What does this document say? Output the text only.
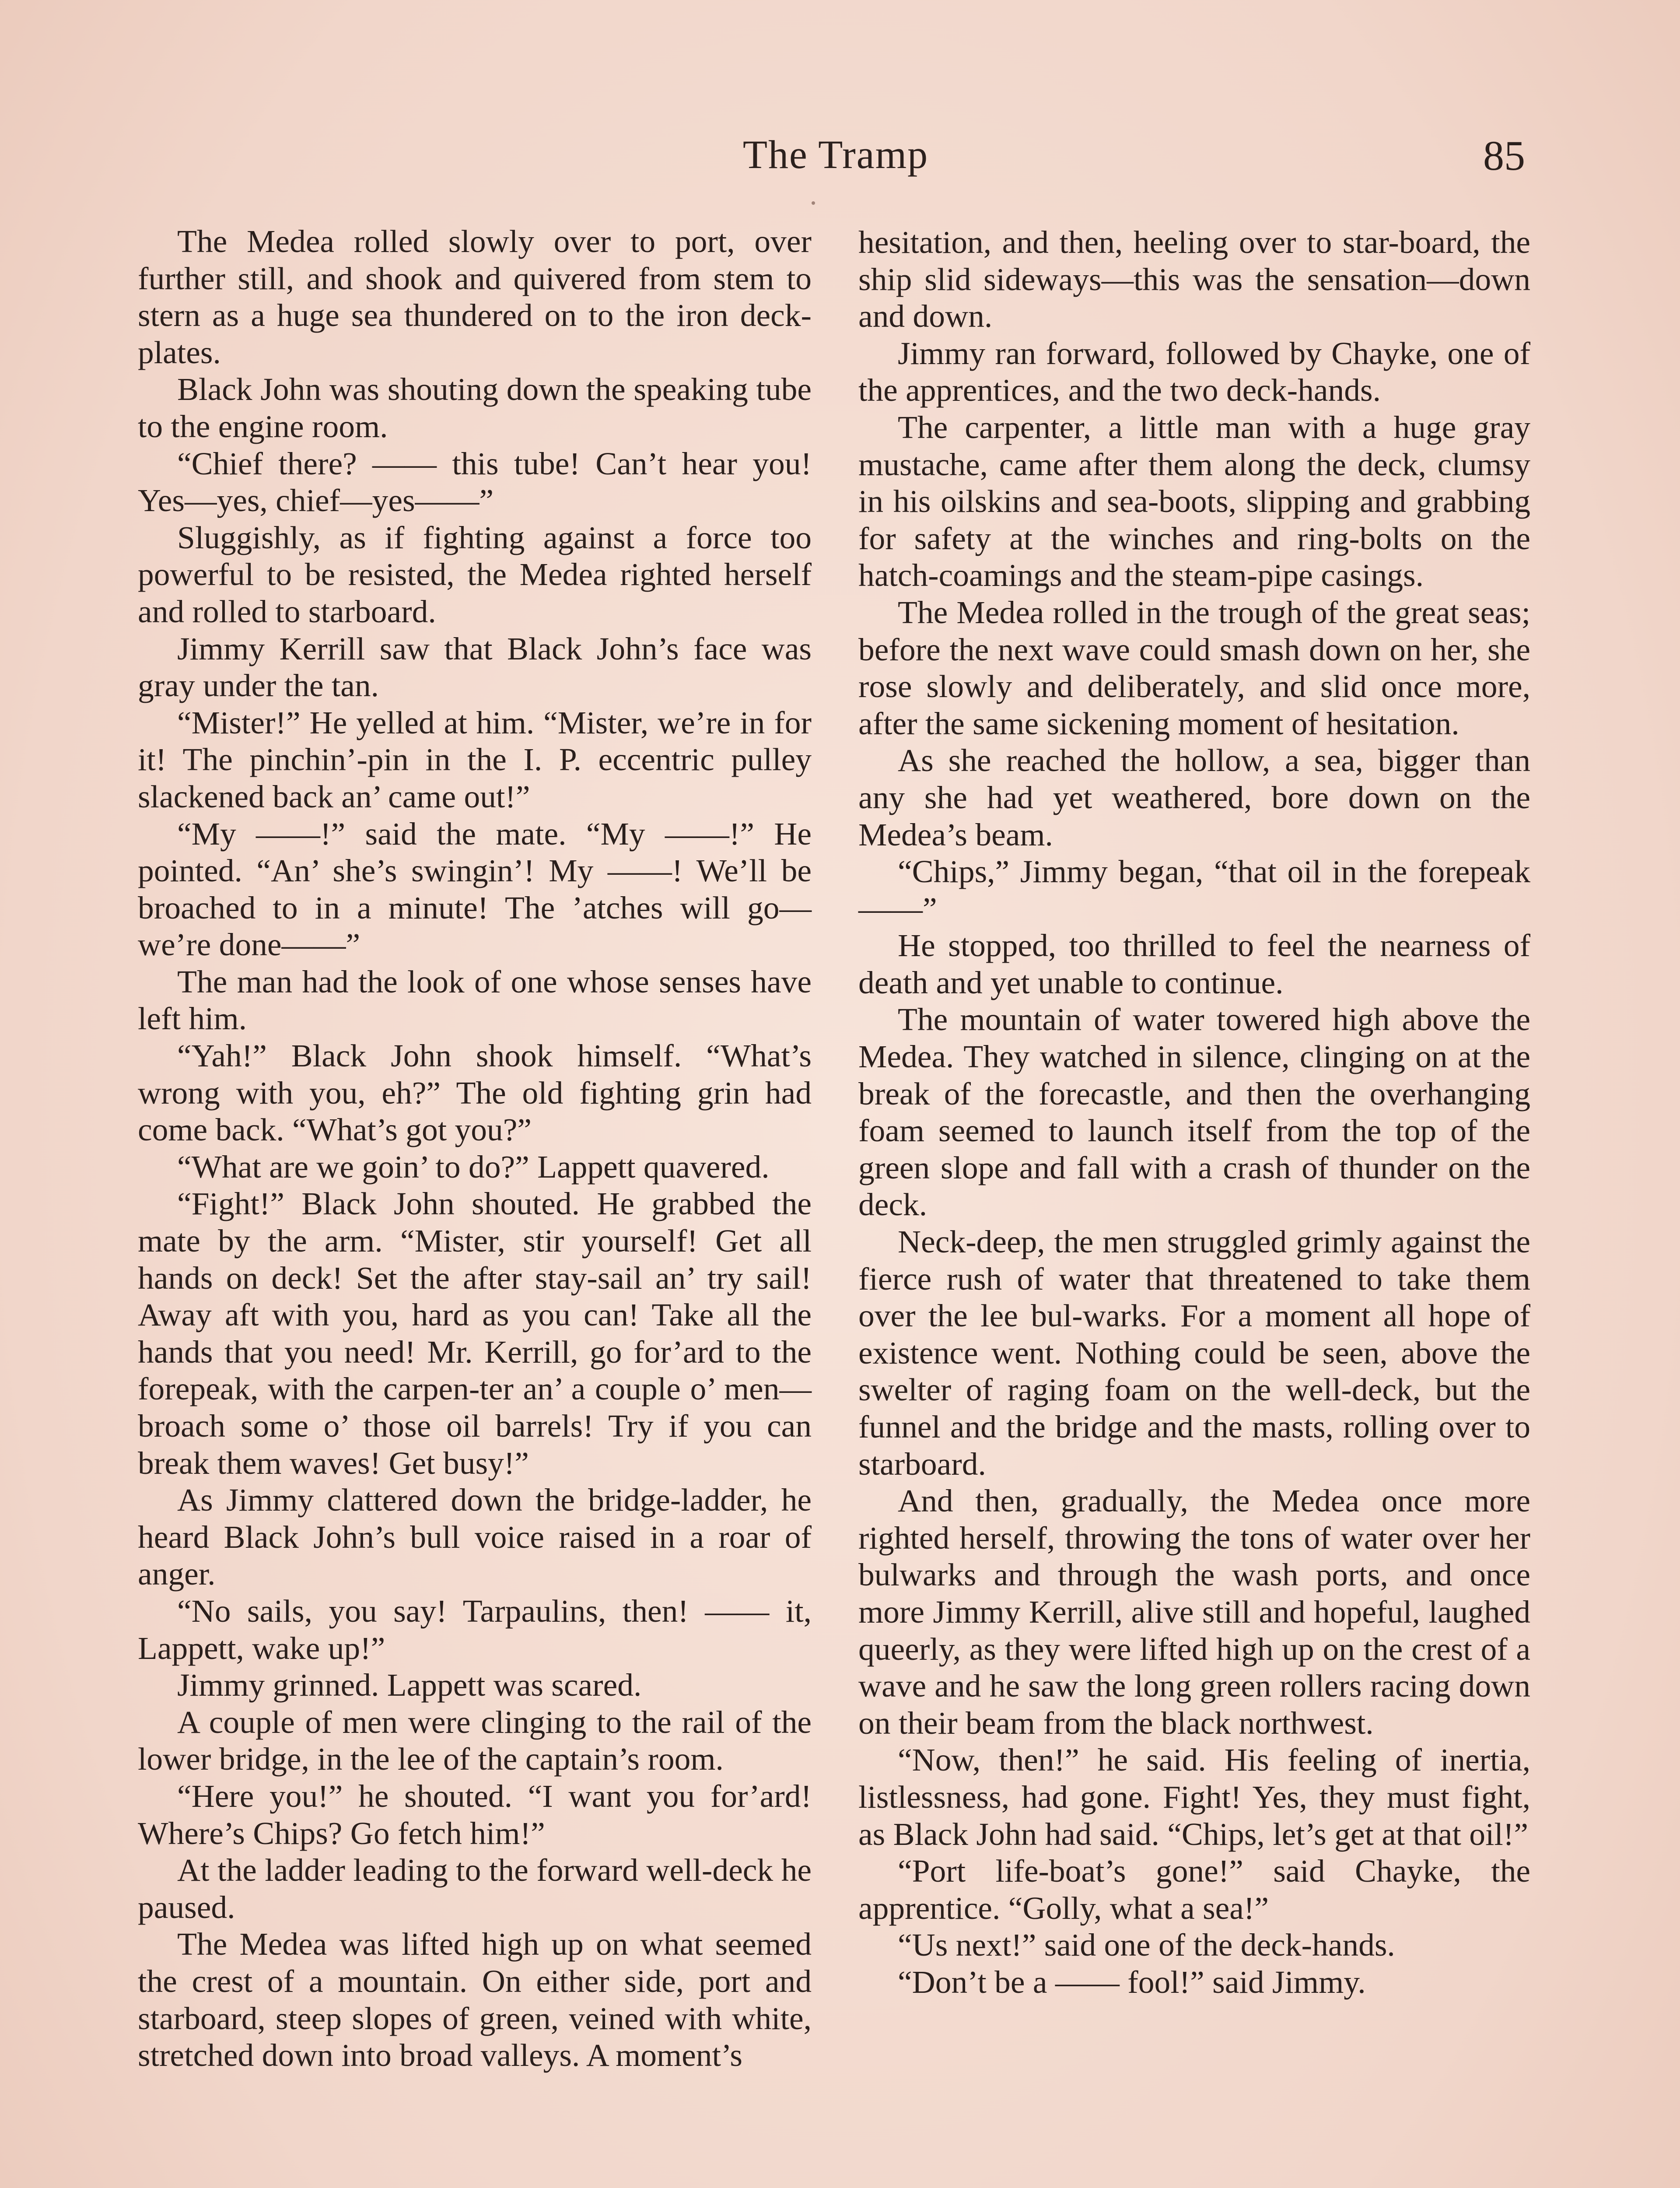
The Tramp	85

The Medea rolled slowly over to port, over further still, and shook and quivered from stem to stern as a huge sea thundered on to the iron deck-plates.

Black John was shouting down the speaking tube to the engine room.

“Chief there? —— this tube! Can’t hear you! Yes—yes, chief—yes——”

Sluggishly, as if fighting against a force too powerful to be resisted, the Medea righted herself and rolled to starboard.

Jimmy Kerrill saw that Black John’s face was gray under the tan.

“Mister!” He yelled at him. “Mister, we’re in for it! The pinchin’-pin in the I. P. eccentric pulley slackened back an’ came out!”

“My ——!” said the mate. “My ——!” He pointed. “An’ she’s swingin’! My ——! We’ll be broached to in a minute! The ’atches will go—we’re done——”

The man had the look of one whose senses have left him.

“Yah!” Black John shook himself. “What’s wrong with you, eh?” The old fighting grin had come back. “What’s got you?”

“What are we goin’ to do?” Lappett quavered.

“Fight!” Black John shouted. He grabbed the mate by the arm. “Mister, stir yourself! Get all hands on deck! Set the after stay-sail an’ try sail! Away aft with you, hard as you can! Take all the hands that you need! Mr. Kerrill, go for’ard to the forepeak, with the carpen-ter an’ a couple o’ men—broach some o’ those oil barrels! Try if you can break them waves! Get busy!”

As Jimmy clattered down the bridge-ladder, he heard Black John’s bull voice raised in a roar of anger.

“No sails, you say! Tarpaulins, then! —— it, Lappett, wake up!”

Jimmy grinned. Lappett was scared.

A couple of men were clinging to the rail of the lower bridge, in the lee of the captain’s room.

“Here you!” he shouted. “I want you for’ard! Where’s Chips? Go fetch him!”

At the ladder leading to the forward well-deck he paused.

The Medea was lifted high up on what seemed the crest of a mountain. On either side, port and starboard, steep slopes of green, veined with white, stretched down into broad valleys. A moment’s

hesitation, and then, heeling over to star-board, the ship slid sideways—this was the sensation—down and down.

Jimmy ran forward, followed by Chayke, one of the apprentices, and the two deck-hands.

The carpenter, a little man with a huge gray mustache, came after them along the deck, clumsy in his oilskins and sea-boots, slipping and grabbing for safety at the winches and ring-bolts on the hatch-coamings and the steam-pipe casings.

The Medea rolled in the trough of the great seas; before the next wave could smash down on her, she rose slowly and deliberately, and slid once more, after the same sickening moment of hesitation.

As she reached the hollow, a sea, bigger than any she had yet weathered, bore down on the Medea’s beam.

“Chips,” Jimmy began, “that oil in the forepeak——”

He stopped, too thrilled to feel the nearness of death and yet unable to continue.

The mountain of water towered high above the Medea. They watched in silence, clinging on at the break of the forecastle, and then the overhanging foam seemed to launch itself from the top of the green slope and fall with a crash of thunder on the deck.

Neck-deep, the men struggled grimly against the fierce rush of water that threatened to take them over the lee bul-warks. For a moment all hope of existence went. Nothing could be seen, above the swelter of raging foam on the well-deck, but the funnel and the bridge and the masts, rolling over to starboard.

And then, gradually, the Medea once more righted herself, throwing the tons of water over her bulwarks and through the wash ports, and once more Jimmy Kerrill, alive still and hopeful, laughed queerly, as they were lifted high up on the crest of a wave and he saw the long green rollers racing down on their beam from the black northwest.

“Now, then!” he said. His feeling of inertia, listlessness, had gone. Fight! Yes, they must fight, as Black John had said. “Chips, let’s get at that oil!”

“Port life-boat’s gone!” said Chayke, the apprentice. “Golly, what a sea!”

“Us next!” said one of the deck-hands.

“Don’t be a —— fool!” said Jimmy.
